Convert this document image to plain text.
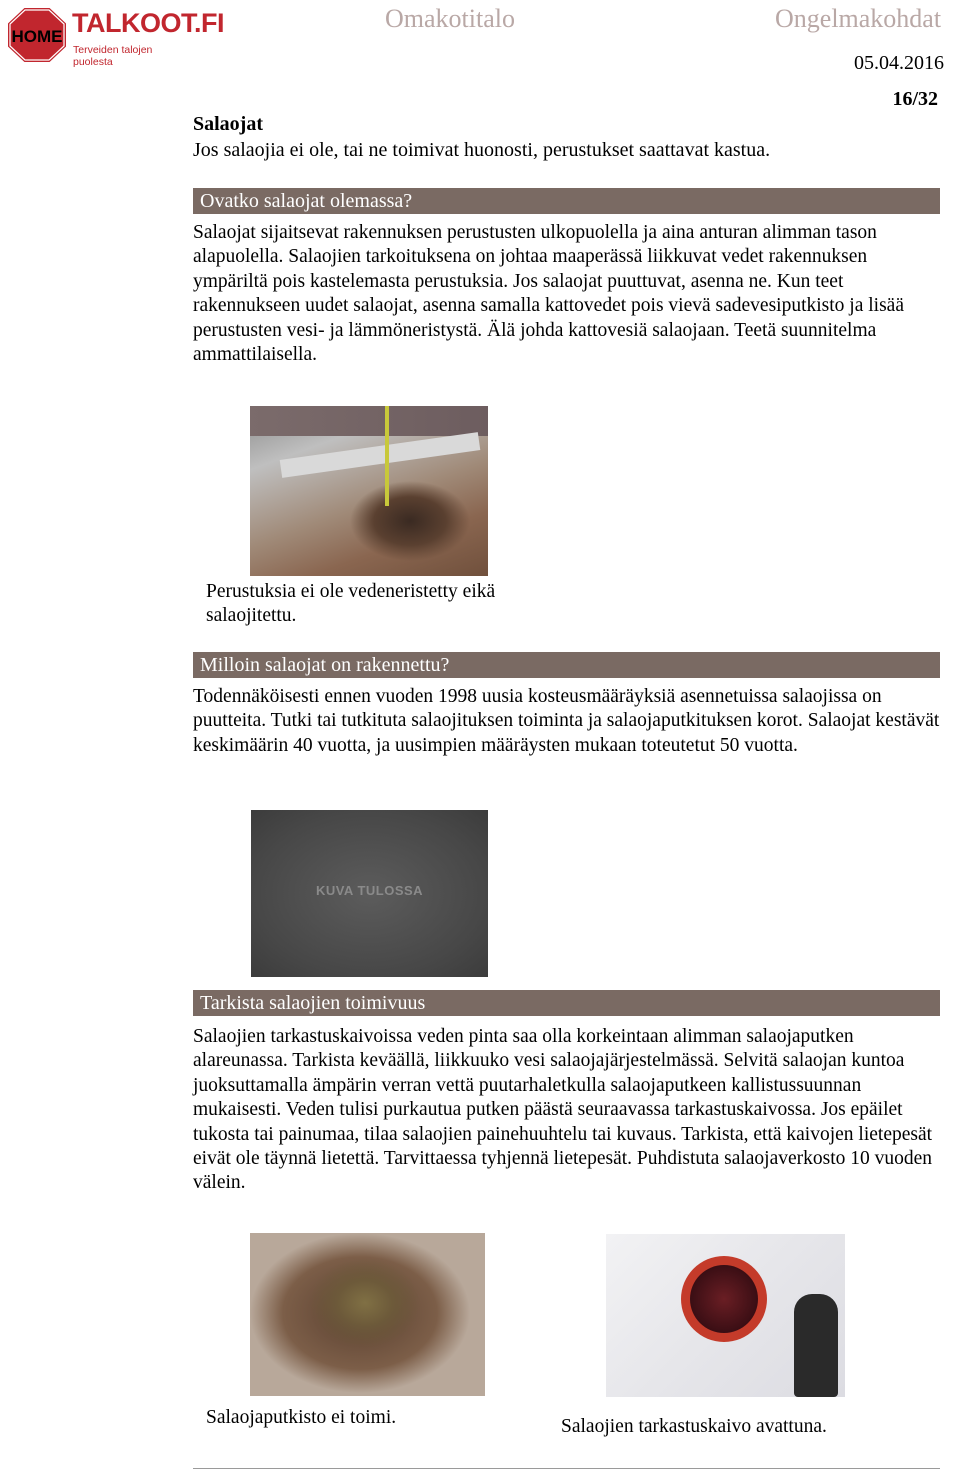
HOME TALKOOT.FI
Terveiden talojen puolesta
Omakotitalo	Ongelmakohdat
05.04.2016
16/32
Salaojat
Jos salaojia ei ole, tai ne toimivat huonosti, perustukset saattavat kastua.
Ovatko salaojat olemassa?
Salaojat sijaitsevat rakennuksen perustusten ulkopuolella ja aina anturan alimman tason alapuolella. Salaojien tarkoituksena on johtaa maaperässä liikkuvat vedet rakennuksen ympäriltä pois kastelemasta perustuksia. Jos salaojat puuttuvat, asenna ne. Kun teet rakennukseen uudet salaojat, asenna samalla kattovedet pois vievä sadevesiputkisto ja lisää perustusten vesi- ja lämmöneristystä. Älä johda kattovesiä salaojaan. Teetä suunnitelma ammattilaisella.
Perustuksia ei ole vedeneristetty eikä salaojitettu.
Milloin salaojat on rakennettu?
Todennäköisesti ennen vuoden 1998 uusia kosteusmääräyksiä asennetuissa salaojissa on puutteita. Tutki tai tutkituta salaojituksen toiminta ja salaojaputkituksen korot. Salaojat kestävät keskimäärin 40 vuotta, ja uusimpien määräysten mukaan toteutetut 50 vuotta.
KUVA TULOSSA
Tarkista salaojien toimivuus
Salaojien tarkastuskaivoissa veden pinta saa olla korkeintaan alimman salaojaputken alareunassa. Tarkista keväällä, liikkuuko vesi salaojajärjestelmässä. Selvitä salaojan kuntoa juoksuttamalla ämpärin verran vettä puutarhaletkulla salaojaputkeen kallistussuunnan mukaisesti. Veden tulisi purkautua putken päästä seuraavassa tarkastuskaivossa. Jos epäilet tukosta tai painumaa, tilaa salaojien painehuuhtelu tai kuvaus. Tarkista, että kaivojen lietepesät eivät ole täynnä lietettä. Tarvittaessa tyhjennä lietepesät. Puhdistuta salaojaverkosto 10 vuoden välein.
Salaojaputkisto ei toimi.	Salaojien tarkastuskaivo avattuna.
